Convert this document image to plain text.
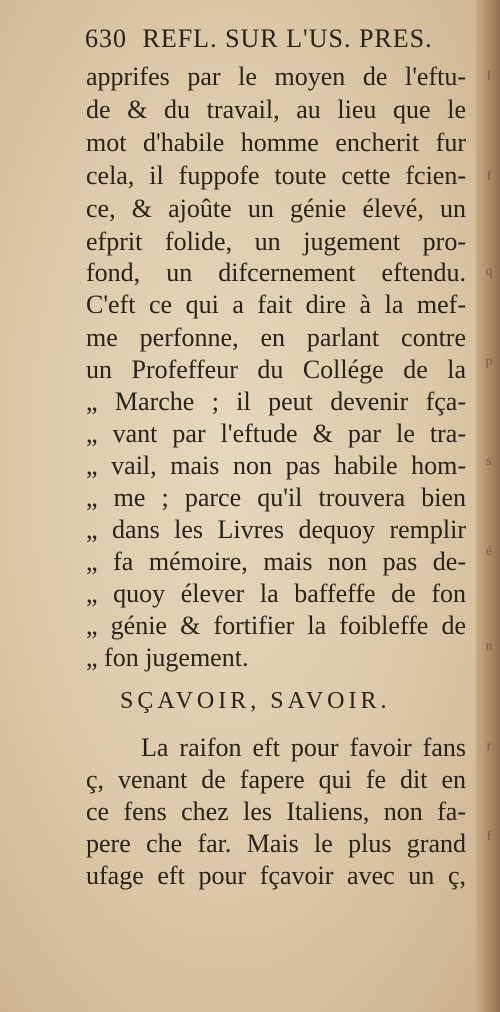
630 REFL. SUR L'US. PRES.
apprifes par le moyen de l'eftu-
de & du travail, au lieu que le
mot d'habile homme encherit fur
cela, il fuppofe toute cette fcien-
ce, & ajoûte un génie élevé, un
efprit folide, un jugement pro-
fond, un difcernement eftendu.
C'eft ce qui a fait dire à la mef-
me perfonne, en parlant contre
un Profeffeur du Collége de la
„ Marche ; il peut devenir fça-
„ vant par l'eftude & par le tra-
„ vail, mais non pas habile hom-
„ me ; parce qu'il trouvera bien
„ dans les Livres dequoy remplir
„ fa mémoire, mais non pas de-
„ quoy élever la baffeffe de fon
„ génie & fortifier la foibleffe de
„ fon jugement.
SÇAVOIR, SAVOIR.
La raifon eft pour favoir fans
ç, venant de fapere qui fe dit en
ce fens chez les Italiens, non fa-
pere che far. Mais le plus grand
ufage eft pour fçavoir avec un ç,
l
f
q
p
s
é
n
r
f
